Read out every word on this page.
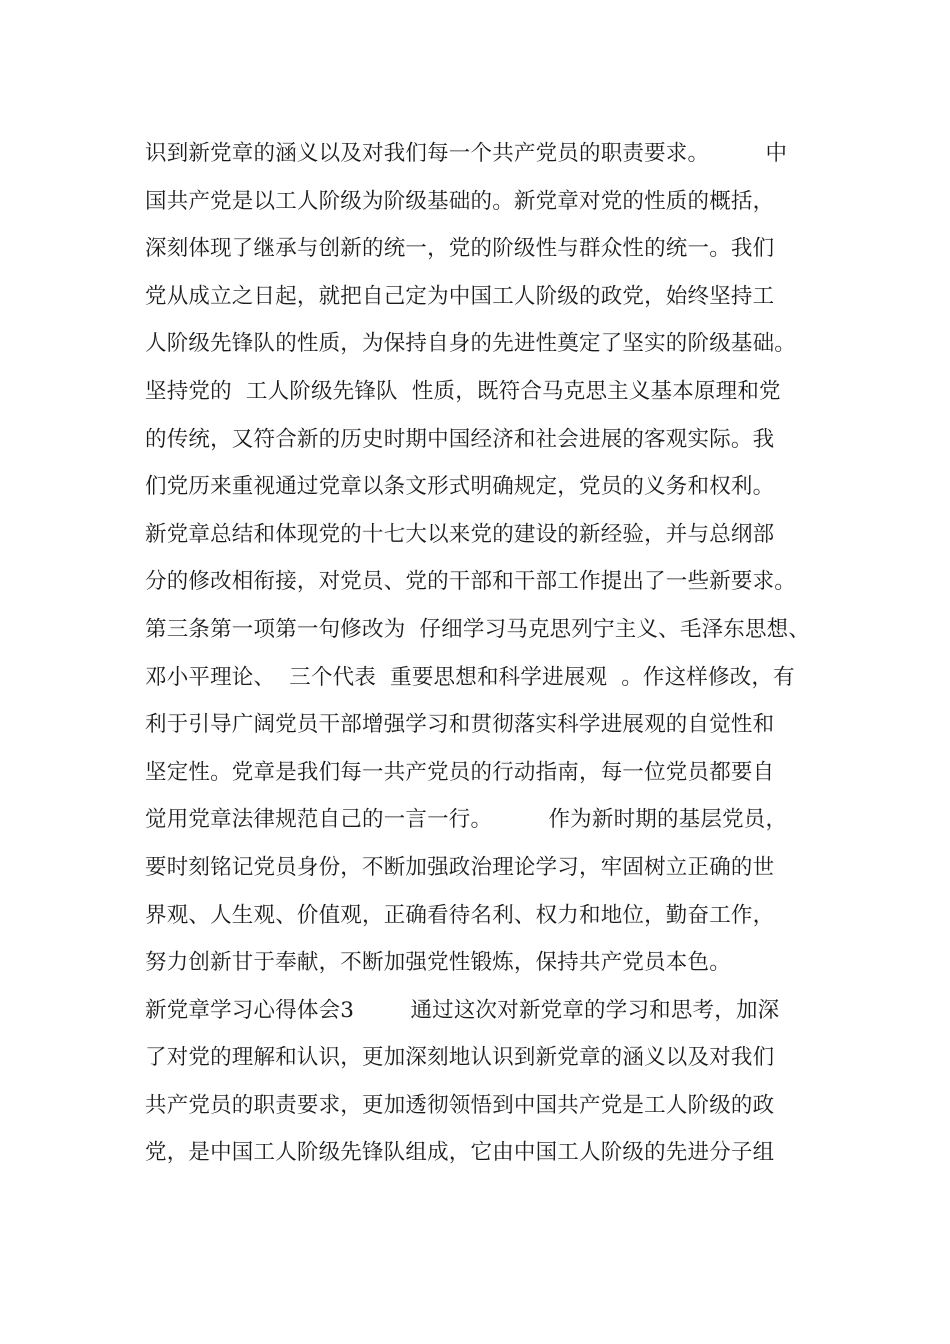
识到新党章的涵义以及对我们每一个共产党员的职责要求。        中
国共产党是以工人阶级为阶级基础的。新党章对党的性质的概括，
深刻体现了继承与创新的统一，党的阶级性与群众性的统一。我们
党从成立之日起，就把自己定为中国工人阶级的政党，始终坚持工
人阶级先锋队的性质，为保持自身的先进性奠定了坚实的阶级基础。
坚持党的  工人阶级先锋队  性质，既符合马克思主义基本原理和党
的传统，又符合新的历史时期中国经济和社会进展的客观实际。我
们党历来重视通过党章以条文形式明确规定，党员的义务和权利。
新党章总结和体现党的十七大以来党的建设的新经验，并与总纲部
分的修改相衔接，对党员、党的干部和干部工作提出了一些新要求。
第三条第一项第一句修改为  仔细学习马克思列宁主义、毛泽东思想、
邓小平理论、  三个代表  重要思想和科学进展观  。作这样修改，有
利于引导广阔党员干部增强学习和贯彻落实科学进展观的自觉性和
坚定性。党章是我们每一共产党员的行动指南，每一位党员都要自
觉用党章法律规范自己的一言一行。        作为新时期的基层党员，
要时刻铭记党员身份，不断加强政治理论学习，牢固树立正确的世
界观、人生观、价值观，正确看待名利、权力和地位，勤奋工作，
努力创新甘于奉献，不断加强党性锻炼，保持共产党员本色。
新党章学习心得体会3        通过这次对新党章的学习和思考，加深
了对党的理解和认识，更加深刻地认识到新党章的涵义以及对我们
共产党员的职责要求，更加透彻领悟到中国共产党是工人阶级的政
党，是中国工人阶级先锋队组成，它由中国工人阶级的先进分子组
